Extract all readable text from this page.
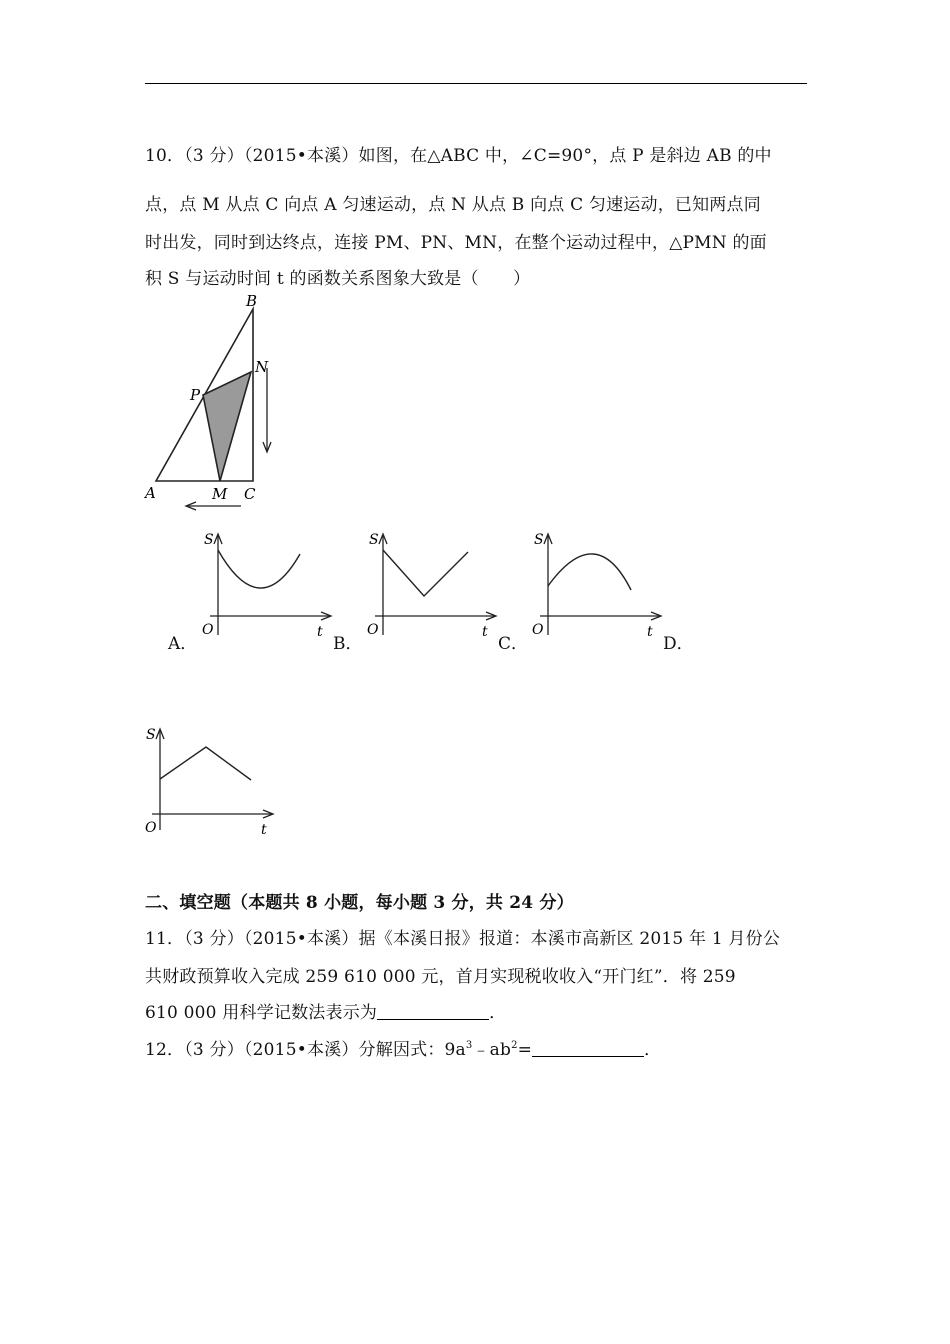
10．（3 分）（2015•本溪）如图，在△ABC 中，∠C=90°，点 P 是斜边 AB 的中
点，点 M 从点 C 向点 A 匀速运动，点 N 从点 B 向点 C 匀速运动，已知两点同
时出发，同时到达终点，连接 PM、PN、MN，在整个运动过程中，△PMN 的面
积 S 与运动时间 t 的函数关系图象大致是（　　）
B
N
P
A	M C
S
O	t
A．
S
O	t
B．
S
O	t
C．	D．
S
O	t
二、填空题（本题共 8 小题，每小题 3 分，共 24 分）
11．（3 分）（2015•本溪）据《本溪日报》报道：本溪市高新区 2015 年 1 月份公
共财政预算收入完成 259 610 000 元，首月实现税收收入“开门红”．将 259
610 000 用科学记数法表示为	．
12．（3 分）（2015•本溪）分解因式：$9a^3﹣ab^2=$	．
